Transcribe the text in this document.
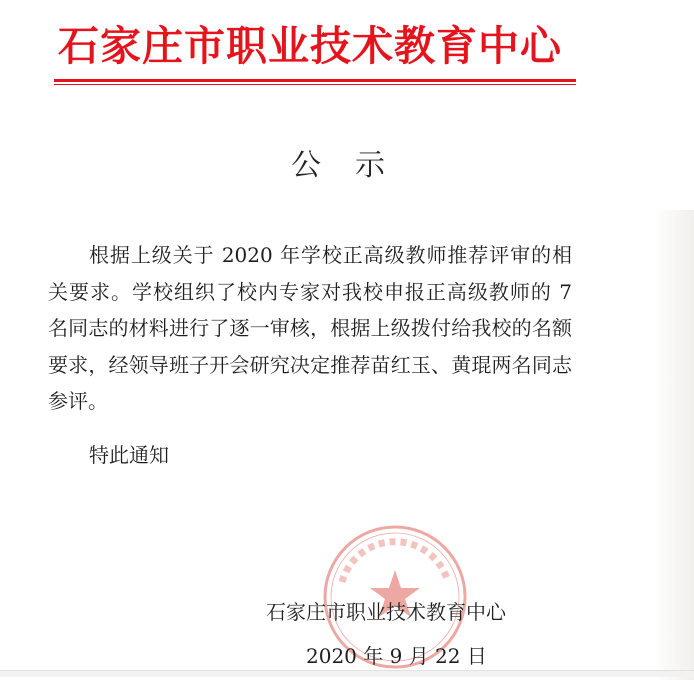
石家庄市职业技术教育中心
公示
根据上级关于 2020 年学校正高级教师推荐评审的相关要求。学校组织了校内专家对我校申报正高级教师的 7 名同志的材料进行了逐一审核，根据上级拨付给我校的名额要求，经领导班子开会研究决定推荐苗红玉、黄琨两名同志参评。
特此通知
石家庄市职业技术教育中心
2020 年 9 月 22 日
